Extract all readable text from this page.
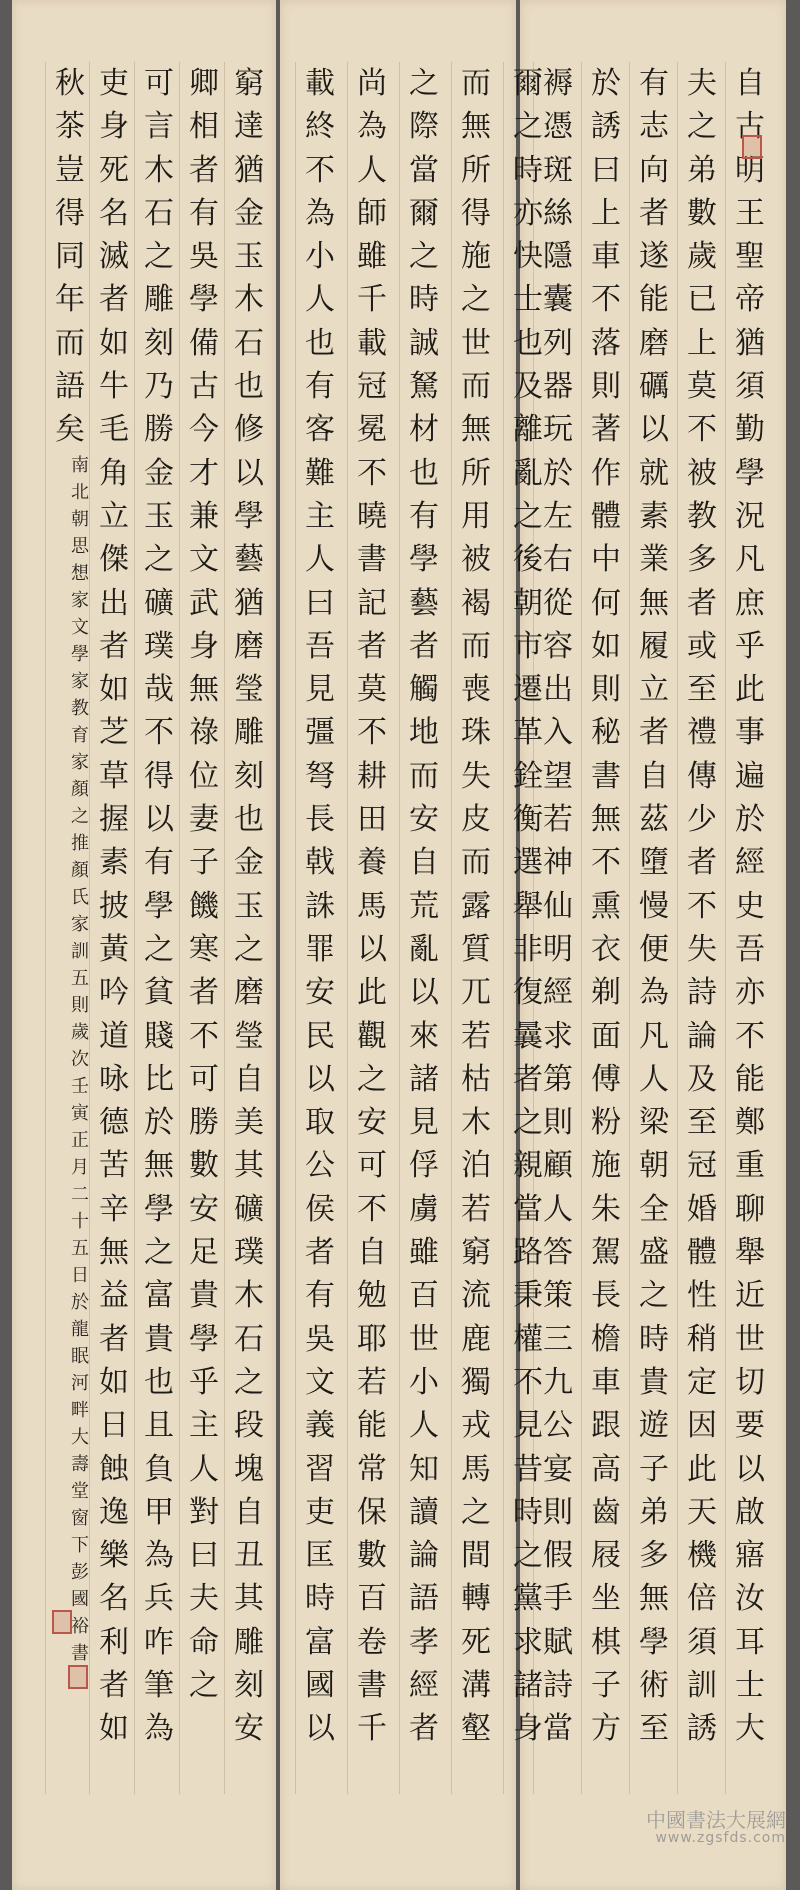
秋
茶
豈
得
同
年
而
語
矣
吏
身
死
名
滅
者
如
牛
毛
角
立
傑
出
者
如
芝
草
握
素
披
黃
吟
道
咏
德
苦
辛
無
益
者
如
日
蝕
逸
樂
名
利
者
如
可
言
木
石
之
雕
刻
乃
勝
金
玉
之
礦
璞
哉
不
得
以
有
學
之
貧
賤
比
於
無
學
之
富
貴
也
且
負
甲
為
兵
咋
筆
為
卿
相
者
有
吳
學
備
古
今
才
兼
文
武
身
無
祿
位
妻
子
饑
寒
者
不
可
勝
數
安
足
貴
學
乎
主
人
對
曰
夫
命
之
窮
達
猶
金
玉
木
石
也
修
以
學
藝
猶
磨
瑩
雕
刻
也
金
玉
之
磨
瑩
自
美
其
礦
璞
木
石
之
段
塊
自
丑
其
雕
刻
安
載
終
不
為
小
人
也
有
客
難
主
人
曰
吾
見
彊
弩
長
戟
誅
罪
安
民
以
取
公
侯
者
有
吳
文
義
習
吏
匡
時
富
國
以
尚
為
人
師
雖
千
載
冠
冕
不
曉
書
記
者
莫
不
耕
田
養
馬
以
此
觀
之
安
可
不
自
勉
耶
若
能
常
保
數
百
卷
書
千
之
際
當
爾
之
時
誠
駑
材
也
有
學
藝
者
觸
地
而
安
自
荒
亂
以
來
諸
見
俘
虜
雖
百
世
小
人
知
讀
論
語
孝
經
者
而
無
所
得
施
之
世
而
無
所
用
被
褐
而
喪
珠
失
皮
而
露
質
兀
若
枯
木
泊
若
窮
流
鹿
獨
戎
馬
之
間
轉
死
溝
壑
爾
之
時
亦
快
士
也
及
離
亂
之
後
朝
市
遷
革
銓
衡
選
舉
非
復
曩
者
之
親
當
路
秉
權
不
見
昔
時
之
黨
求
諸
身
褥
憑
斑
絲
隱
囊
列
器
玩
於
左
右
從
容
出
入
望
若
神
仙
明
經
求
第
則
顧
人
答
策
三
九
公
宴
則
假
手
賦
詩
當
於
誘
曰
上
車
不
落
則
著
作
體
中
何
如
則
秘
書
無
不
熏
衣
剃
面
傅
粉
施
朱
駕
長
檐
車
跟
高
齒
屐
坐
棋
子
方
有
志
向
者
遂
能
磨
礪
以
就
素
業
無
履
立
者
自
茲
墮
慢
便
為
凡
人
梁
朝
全
盛
之
時
貴
遊
子
弟
多
無
學
術
至
夫
之
弟
數
歲
已
上
莫
不
被
教
多
者
或
至
禮
傳
少
者
不
失
詩
論
及
至
冠
婚
體
性
稍
定
因
此
天
機
倍
須
訓
誘
自
古
明
王
聖
帝
猶
須
勤
學
況
凡
庶
乎
此
事
遍
於
經
史
吾
亦
不
能
鄭
重
聊
舉
近
世
切
要
以
啟
寤
汝
耳
士
大
南
北
朝
思
想
家
文
學
家
教
育
家
顏
之
推
顏
氏
家
訓
五
則
歲
次
壬
寅
正
月
二
十
五
日
於
龍
眠
河
畔
大
壽
堂
窗
下
彭
國
裕
書
中國書法大展網
www.zgsfds.com
